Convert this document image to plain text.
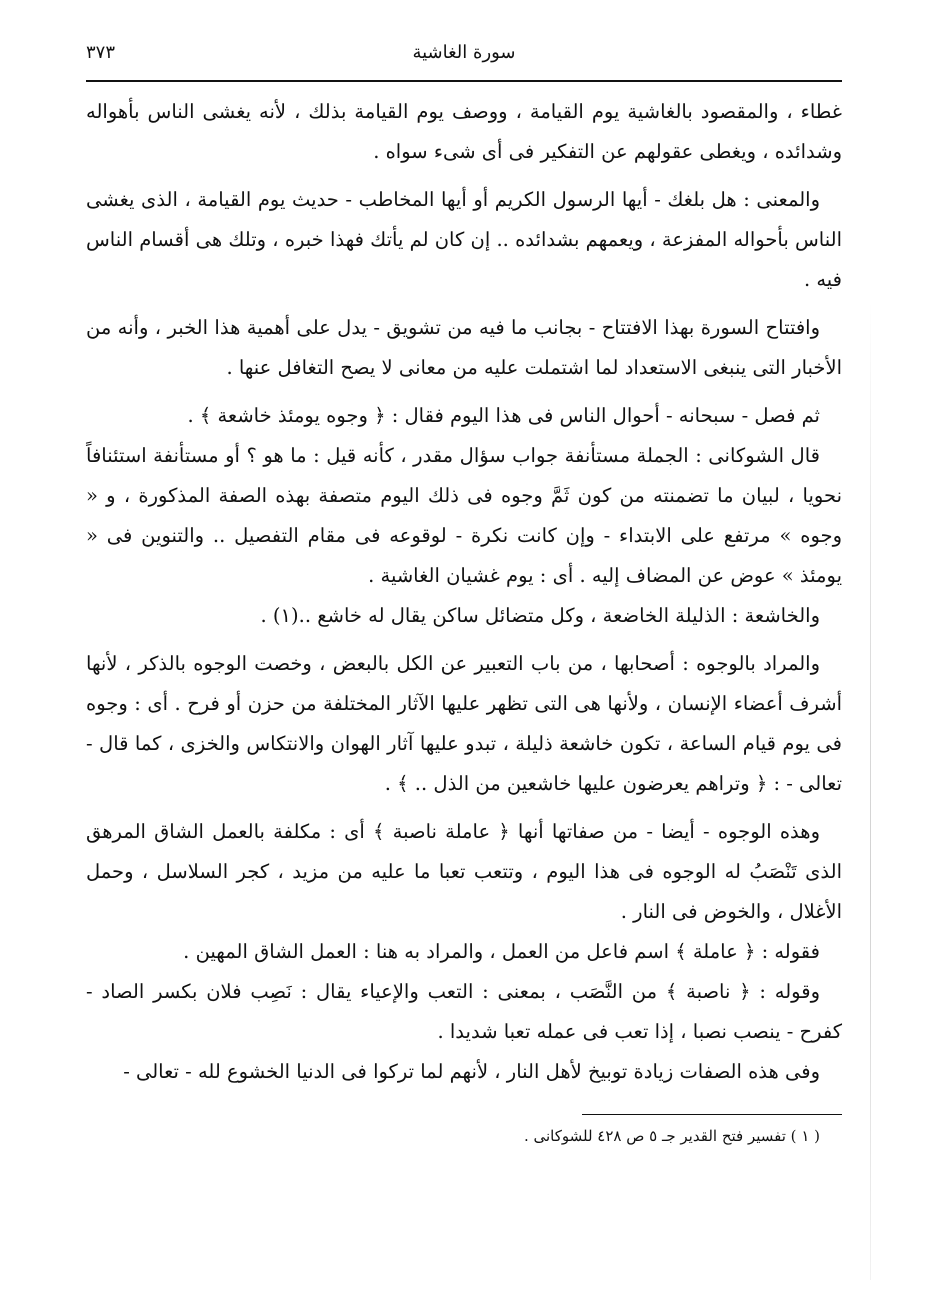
سورة الغاشية
٣٧٣

غطاء ، والمقصود بالغاشية يوم القيامة ، ووصف يوم القيامة بذلك ، لأنه يغشى الناس بأهواله وشدائده ، ويغطى عقولهم عن التفكير فى أى شىء سواه .

والمعنى : هل بلغك - أيها الرسول الكريم أو أيها المخاطب - حديث يوم القيامة ، الذى يغشى الناس بأحواله المفزعة ، ويعمهم بشدائده .. إن كان لم يأتك فهذا خبره ، وتلك هى أقسام الناس فيه .

وافتتاح السورة بهذا الافتتاح - بجانب ما فيه من تشويق - يدل على أهمية هذا الخبر ، وأنه من الأخبار التى ينبغى الاستعداد لما اشتملت عليه من معانى لا يصح التغافل عنها .

ثم فصل - سبحانه - أحوال الناس فى هذا اليوم فقال : ﴿ وجوه يومئذ خاشعة ﴾ .

قال الشوكانى : الجملة مستأنفة جواب سؤال مقدر ، كأنه قيل : ما هو ؟ أو مستأنفة استئنافاً نحويا ، لبيان ما تضمنته من كون ثَمَّ وجوه فى ذلك اليوم متصفة بهذه الصفة المذكورة ، و « وجوه » مرتفع على الابتداء - وإن كانت نكرة - لوقوعه فى مقام التفصيل .. والتنوين فى « يومئذ » عوض عن المضاف إليه . أى : يوم غشيان الغاشية .

والخاشعة : الذليلة الخاضعة ، وكل متضائل ساكن يقال له خاشع ..(١) .

والمراد بالوجوه : أصحابها ، من باب التعبير عن الكل بالبعض ، وخصت الوجوه بالذكر ، لأنها أشرف أعضاء الإنسان ، ولأنها هى التى تظهر عليها الآثار المختلفة من حزن أو فرح . أى : وجوه فى يوم قيام الساعة ، تكون خاشعة ذليلة ، تبدو عليها آثار الهوان والانتكاس والخزى ، كما قال - تعالى - : ﴿ وتراهم يعرضون عليها خاشعين من الذل .. ﴾ .

وهذه الوجوه - أيضا - من صفاتها أنها ﴿ عاملة ناصبة ﴾ أى : مكلفة بالعمل الشاق المرهق الذى تَنْصَبُ له الوجوه فى هذا اليوم ، وتتعب تعبا ما عليه من مزيد ، كجر السلاسل ، وحمل الأغلال ، والخوض فى النار .

فقوله : ﴿ عاملة ﴾ اسم فاعل من العمل ، والمراد به هنا : العمل الشاق المهين .

وقوله : ﴿ ناصبة ﴾ من النَّصَب ، بمعنى : التعب والإعياء يقال : نَصِب فلان بكسر الصاد - كفرح - ينصب نصبا ، إذا تعب فى عمله تعبا شديدا .

وفى هذه الصفات زيادة توبيخ لأهل النار ، لأنهم لما تركوا فى الدنيا الخشوع لله - تعالى -

( ١ ) تفسير فتح القدير جـ ٥ ص ٤٢٨ للشوكانى .
